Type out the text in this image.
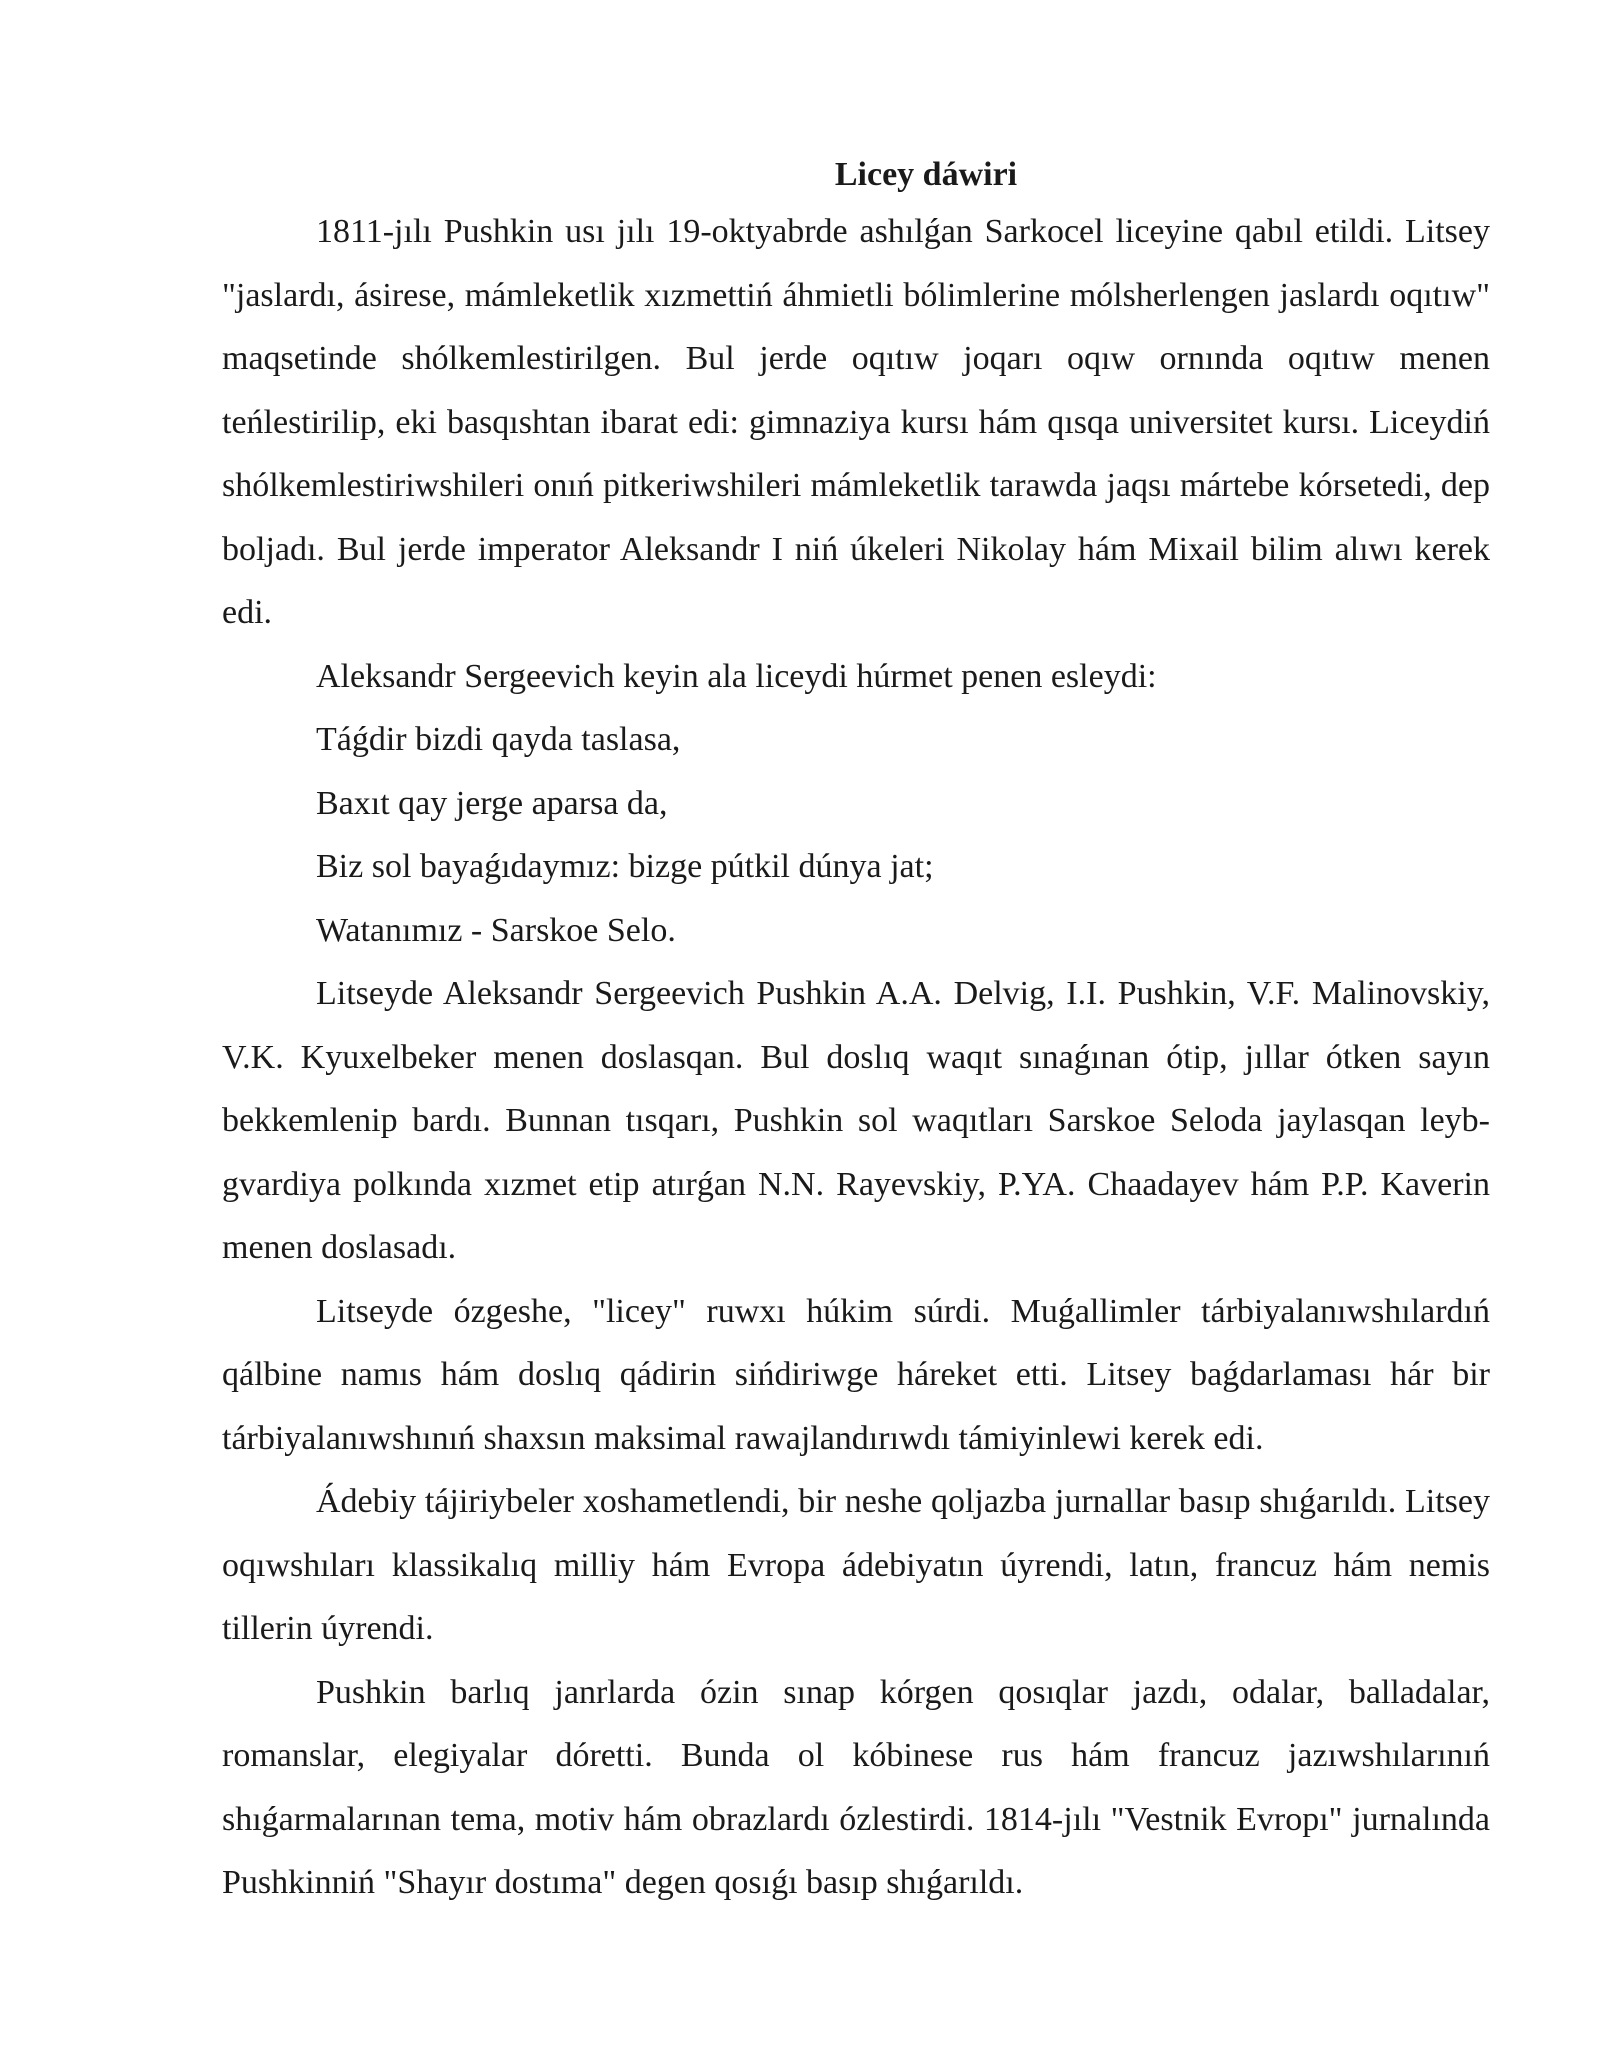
Licey dáwiri

1811-jılı Pushkin usı jılı 19-oktyabrde ashılǵan Sarkocel liceyine qabıl etildi. Litsey "jaslardı, ásirese, mámleketlik xızmettiń áhmietli bólimlerine mólsherlengen jaslardı oqıtıw" maqsetinde shólkemlestirilgen. Bul jerde oqıtıw joqarı oqıw ornında oqıtıw menen teńlestirilip, eki basqıshtan ibarat edi: gimnaziya kursı hám qısqa universitet kursı. Liceydiń shólkemlestiriwshileri onıń pitkeriwshileri mámleketlik tarawda jaqsı mártebe kórsetedi, dep boljadı. Bul jerde imperator Aleksandr I niń úkeleri Nikolay hám Mixail bilim alıwı kerek edi.

Aleksandr Sergeevich keyin ala liceydi húrmet penen esleydi:

Táǵdir bizdi qayda taslasa,

Baxıt qay jerge aparsa da,

Biz sol bayaǵıdaymız: bizge pútkil dúnya jat;

Watanımız - Sarskoe Selo.

Litseyde Aleksandr Sergeevich Pushkin A.A. Delvig, I.I. Pushkin, V.F. Malinovskiy, V.K. Kyuxelbeker menen doslasqan. Bul doslıq waqıt sınaǵınan ótip, jıllar ótken sayın bekkemlenip bardı. Bunnan tısqarı, Pushkin sol waqıtları Sarskoe Seloda jaylasqan leyb-gvardiya polkında xızmet etip atırǵan N.N. Rayevskiy, P.YA. Chaadayev hám P.P. Kaverin menen doslasadı.

Litseyde ózgeshe, "licey" ruwxı húkim súrdi. Muǵallimler tárbiyalanıwshılardıń qálbine namıs hám doslıq qádirin sińdiriwge háreket etti. Litsey baǵdarlaması hár bir tárbiyalanıwshınıń shaxsın maksimal rawajlandırıwdı támiyinlewi kerek edi.

Ádebiy tájiriybeler xoshametlendi, bir neshe qoljazba jurnallar basıp shıǵarıldı. Litsey oqıwshıları klassikalıq milliy hám Evropa ádebiyatın úyrendi, latın, francuz hám nemis tillerin úyrendi.

Pushkin barlıq janrlarda ózin sınap kórgen qosıqlar jazdı, odalar, balladalar, romanslar, elegiyalar dóretti. Bunda ol kóbinese rus hám francuz jazıwshılarınıń shıǵarmalarınan tema, motiv hám obrazlardı ózlestirdi. 1814-jılı "Vestnik Evropı" jurnalında Pushkinniń "Shayır dostıma" degen qosıǵı basıp shıǵarıldı.
